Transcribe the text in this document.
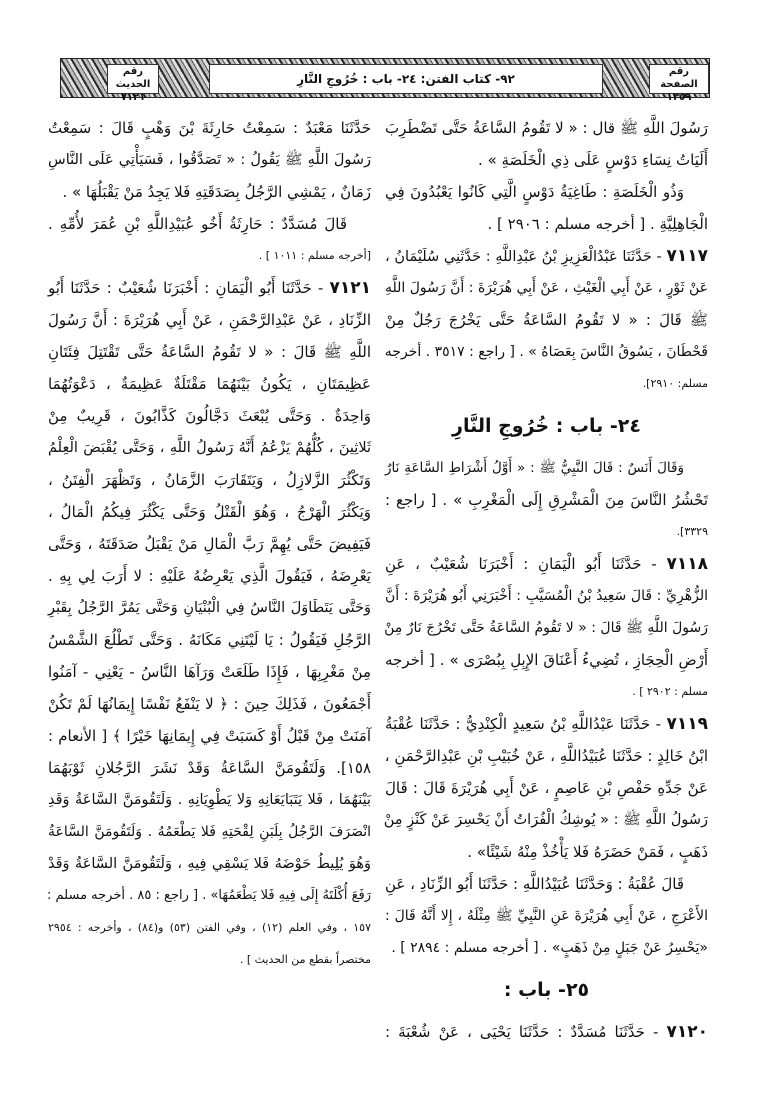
رقم الحديث
٧١٢١
٩٢- كتاب الفتن: ٢٤- باب : خُرُوجِ النَّارِ
رقم الصفحة
١٣٥٩
رَسُولَ اللَّهِ ﷺ قال : « لا تَقُومُ السَّاعَةُ حَتَّى تَضْطَرِبَ
أَلَيَاتُ نِسَاءِ دَوْسٍ عَلَى ذِي الْخَلَصَةِ » .
وَذُو الْخَلَصَةِ : طَاغِيَةُ دَوْسٍ الَّتِي كَانُوا يَعْبُدُونَ فِي
الْجَاهِلِيَّةِ . [ أخرجه مسلم : ٢٩٠٦ ] .
٧١١٧ - حَدَّثَنَا عَبْدُالْعَزِيزِ بْنُ عَبْدِاللَّهِ : حَدَّثَنِي سُلَيْمَانُ ،
عَنْ ثَوْرٍ ، عَنْ أَبِي الْغَيْثِ ، عَنْ أَبِي هُرَيْرَةَ : أَنَّ رَسُولَ اللَّهِ
ﷺ قَالَ : « لا تَقُومُ السَّاعَةُ حَتَّى يَخْرُجَ رَجُلٌ مِنْ
قَحْطَانَ ، يَسُوقُ النَّاسَ بِعَصَاهُ » . [ راجع : ٣٥١٧ . أخرجه
مسلم: ٢٩١٠].
٢٤- باب : خُرُوجِ النَّارِ
وَقَالَ أَنَسٌ : قَالَ النَّبِيُّ ﷺ : « أَوَّلُ أَشْرَاطِ السَّاعَةِ نَارٌ
تَحْشُرُ النَّاسَ مِنَ الْمَشْرِقِ إِلَى الْمَغْرِبِ » . [ راجع :
٣٣٢٩].
٧١١٨ - حَدَّثَنَا أَبُو الْيَمَانِ : أَخْبَرَنَا شُعَيْبٌ ، عَنِ
الزُّهْرِيِّ : قَالَ سَعِيدُ بْنُ الْمُسَيَّبِ : أَخْبَرَنِي أَبُو هُرَيْرَةَ : أَنَّ
رَسُولَ اللَّهِ ﷺ قَالَ : « لا تَقُومُ السَّاعَةُ حَتَّى تَخْرُجَ نَارٌ مِنْ
أَرْضِ الْحِجَازِ ، تُضِيءُ أَعْنَاقَ الإِبِلِ بِبُصْرَى » . [ أخرجه
مسلم : ٢٩٠٢ ] .
٧١١٩ - حَدَّثَنَا عَبْدُاللَّهِ بْنُ سَعِيدٍ الْكِنْدِيُّ : حَدَّثَنَا عُقْبَةُ
ابْنُ خَالِدٍ : حَدَّثَنَا عُبَيْدُاللَّهِ ، عَنْ خُبَيْبِ بْنِ عَبْدِالرَّحْمَنِ ،
عَنْ جَدِّهِ حَفْصِ بْنِ عَاصِمٍ ، عَنْ أَبِي هُرَيْرَةَ قَالَ : قَالَ
رَسُولُ اللَّهِ ﷺ : « يُوشِكُ الْفُرَاتُ أَنْ يَحْسِرَ عَنْ كَنْزٍ مِنْ
ذَهَبٍ ، فَمَنْ حَضَرَهُ فَلا يَأْخُذْ مِنْهُ شَيْئًا» .
قَالَ عُقْبَةُ : وَحَدَّثَنَا عُبَيْدُاللَّهِ : حَدَّثَنَا أَبُو الزِّنَادِ ، عَنِ
الأَعْرَجِ ، عَنْ أَبِي هُرَيْرَةَ عَنِ النَّبِيِّ ﷺ مِثْلَهُ ، إِلا أَنَّهُ قَالَ :
«يَحْسِرُ عَنْ جَبَلٍ مِنْ ذَهَبٍ» . [ أخرجه مسلم : ٢٨٩٤ ] .
٢٥- باب :
٧١٢٠ - حَدَّثَنَا مُسَدَّدٌ : حَدَّثَنَا يَحْيَى ، عَنْ شُعْبَةَ :
حَدَّثَنَا مَعْبَدٌ : سَمِعْتُ حَارِثَةَ بْنَ وَهْبٍ قَالَ : سَمِعْتُ
رَسُولَ اللَّهِ ﷺ يَقُولُ : « تَصَدَّقُوا ، فَسَيَأْتِي عَلَى النَّاسِ
زَمَانٌ ، يَمْشِي الرَّجُلُ بِصَدَقَتِهِ فَلا يَجِدُ مَنْ يَقْبَلُهَا » .
قَالَ مُسَدَّدٌ : حَارِثَةُ أَخُو عُبَيْدِاللَّهِ بْنِ عُمَرَ لأُمِّهِ .
[أخرجه مسلم : ١٠١١ ] .
٧١٢١ - حَدَّثَنَا أَبُو الْيَمَانِ : أَخْبَرَنَا شُعَيْبٌ : حَدَّثَنَا أَبُو
الزِّنَادِ ، عَنْ عَبْدِالرَّحْمَنِ ، عَنْ أَبِي هُرَيْرَةَ : أَنَّ رَسُولَ
اللَّهِ ﷺ قَالَ : « لا تَقُومُ السَّاعَةُ حَتَّى تَقْتَتِلَ فِئَتَانِ
عَظِيمَتَانِ ، يَكُونُ بَيْنَهُمَا مَقْتَلَةٌ عَظِيمَةٌ ، دَعْوَتُهُمَا
وَاحِدَةٌ . وَحَتَّى يُبْعَثَ دَجَّالُونَ كَذَّابُونَ ، قَرِيبٌ مِنْ
ثَلاثِينَ ، كُلُّهُمْ يَزْعُمُ أَنَّهُ رَسُولُ اللَّهِ ، وَحَتَّى يُقْبَضَ الْعِلْمُ
وَتَكْثُرَ الزَّلازِلُ ، وَيَتَقَارَبَ الزَّمَانُ ، وَتَظْهَرَ الْفِتَنُ ،
وَيَكْثُرَ الْهَرْجُ ، وَهُوَ الْقَتْلُ وَحَتَّى يَكْثُرَ فِيكُمُ الْمَالُ ،
فَيَفِيضَ حَتَّى يُهِمَّ رَبَّ الْمَالِ مَنْ يَقْبَلُ صَدَقَتَهُ ، وَحَتَّى
يَعْرِضَهُ ، فَيَقُولَ الَّذِي يَعْرِضُهُ عَلَيْهِ : لا أَرَبَ لِي بِهِ .
وَحَتَّى يَتَطَاوَلَ النَّاسُ فِي الْبُنْيَانِ وَحَتَّى يَمُرَّ الرَّجُلُ بِقَبْرِ
الرَّجُلِ فَيَقُولُ : يَا لَيْتَنِي مَكَانَهُ . وَحَتَّى تَطْلُعَ الشَّمْسُ
مِنْ مَغْرِبِهَا ، فَإِذَا طَلَعَتْ وَرَآهَا النَّاسُ - يَعْنِي - آمَنُوا
أَجْمَعُونَ ، فَذَلِكَ حِينَ : ﴿ لا يَنْفَعُ نَفْسًا إِيمَانُهَا لَمْ تَكُنْ
آمَنَتْ مِنْ قَبْلُ أَوْ كَسَبَتْ فِي إِيمَانِهَا خَيْرًا ﴾ [ الأنعام :
١٥٨]. وَلَتَقُومَنَّ السَّاعَةُ وَقَدْ نَشَرَ الرَّجُلانِ ثَوْبَهُمَا
بَيْنَهُمَا ، فَلا يَتَبَايَعَانِهِ وَلا يَطْوِيَانِهِ . وَلَتَقُومَنَّ السَّاعَةُ وَقَدِ
انْصَرَفَ الرَّجُلُ بِلَبَنِ لِقْحَتِهِ فَلا يَطْعَمُهُ . وَلَتَقُومَنَّ السَّاعَةُ
وَهُوَ يُلِيطُ حَوْضَهُ فَلا يَسْقِي فِيهِ ، وَلَتَقُومَنَّ السَّاعَةُ وَقَدْ
رَفَعَ أُكْلَتَهُ إِلَى فِيهِ فَلا يَطْعَمُهَا» . [ راجع : ٨٥ . أخرجه مسلم :
١٥٧ ، وفي العلم (١٢) ، وفي الفتن (٥٣) و(٨٤) ، وأخرجه : ٢٩٥٤
مختصراً بقطع من الحديث ] .
